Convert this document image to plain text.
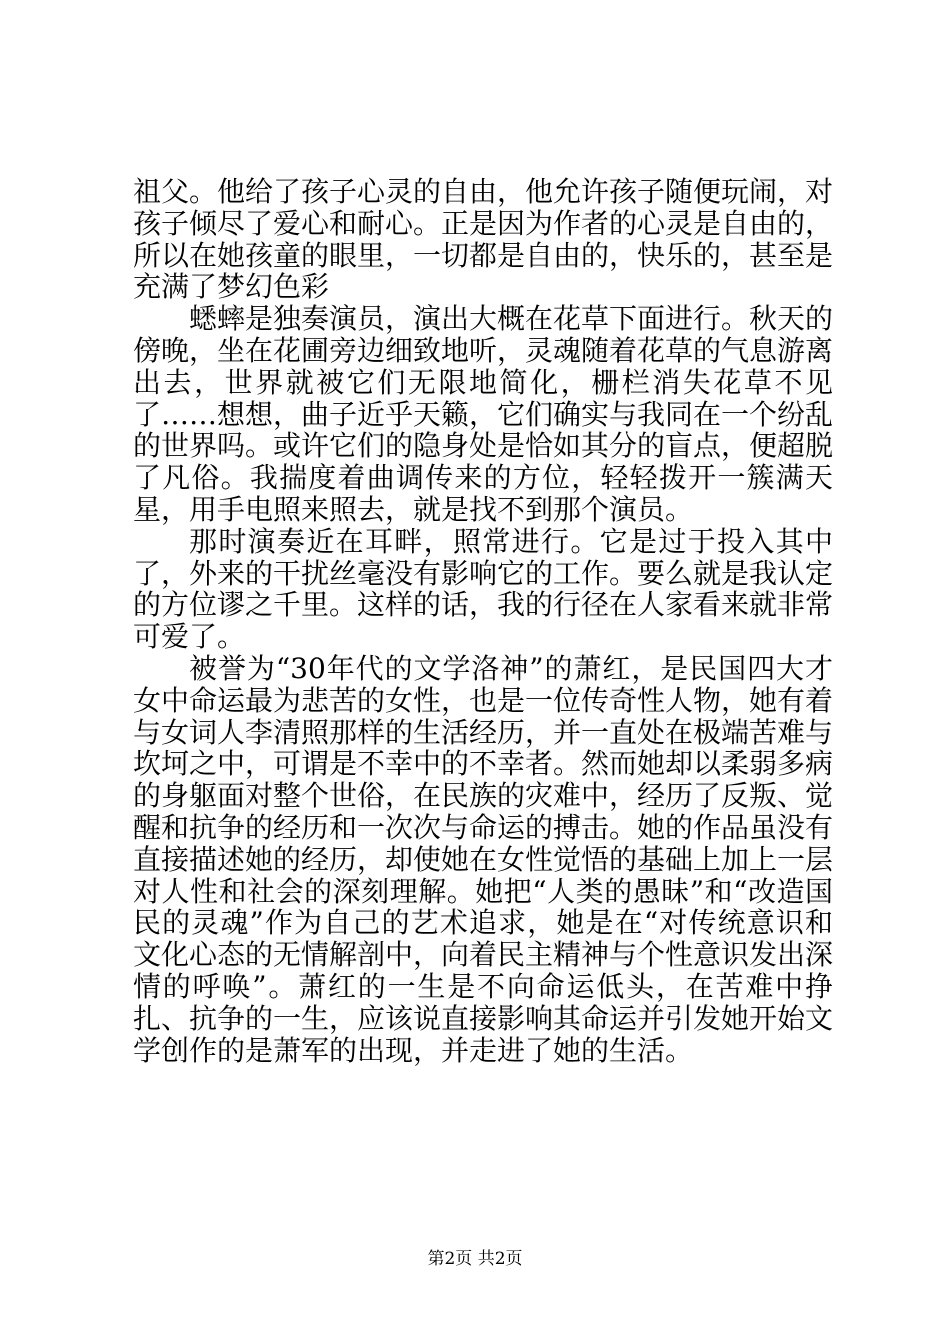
祖父。他给了孩子心灵的自由，他允许孩子随便玩闹，对孩子倾尽了爱心和耐心。正是因为作者的心灵是自由的，所以在她孩童的眼里，一切都是自由的，快乐的，甚至是充满了梦幻色彩

蟋蟀是独奏演员，演出大概在花草下面进行。秋天的傍晚，坐在花圃旁边细致地听，灵魂随着花草的气息游离出去，世界就被它们无限地简化，栅栏消失花草不见了……想想，曲子近乎天籁，它们确实与我同在一个纷乱的世界吗。或许它们的隐身处是恰如其分的盲点，便超脱了凡俗。我揣度着曲调传来的方位，轻轻拨开一簇满天星，用手电照来照去，就是找不到那个演员。

那时演奏近在耳畔，照常进行。它是过于投入其中了，外来的干扰丝毫没有影响它的工作。要么就是我认定的方位谬之千里。这样的话，我的行径在人家看来就非常可爱了。

被誉为“30年代的文学洛神”的萧红，是民国四大才女中命运最为悲苦的女性，也是一位传奇性人物，她有着与女词人李清照那样的生活经历，并一直处在极端苦难与坎坷之中，可谓是不幸中的不幸者。然而她却以柔弱多病的身躯面对整个世俗，在民族的灾难中，经历了反叛、觉醒和抗争的经历和一次次与命运的搏击。她的作品虽没有直接描述她的经历，却使她在女性觉悟的基础上加上一层对人性和社会的深刻理解。她把“人类的愚昧”和“改造国民的灵魂”作为自己的艺术追求，她是在“对传统意识和文化心态的无情解剖中，向着民主精神与个性意识发出深情的呼唤”。萧红的一生是不向命运低头，在苦难中挣扎、抗争的一生，应该说直接影响其命运并引发她开始文学创作的是萧军的出现，并走进了她的生活。

第2页 共2页
